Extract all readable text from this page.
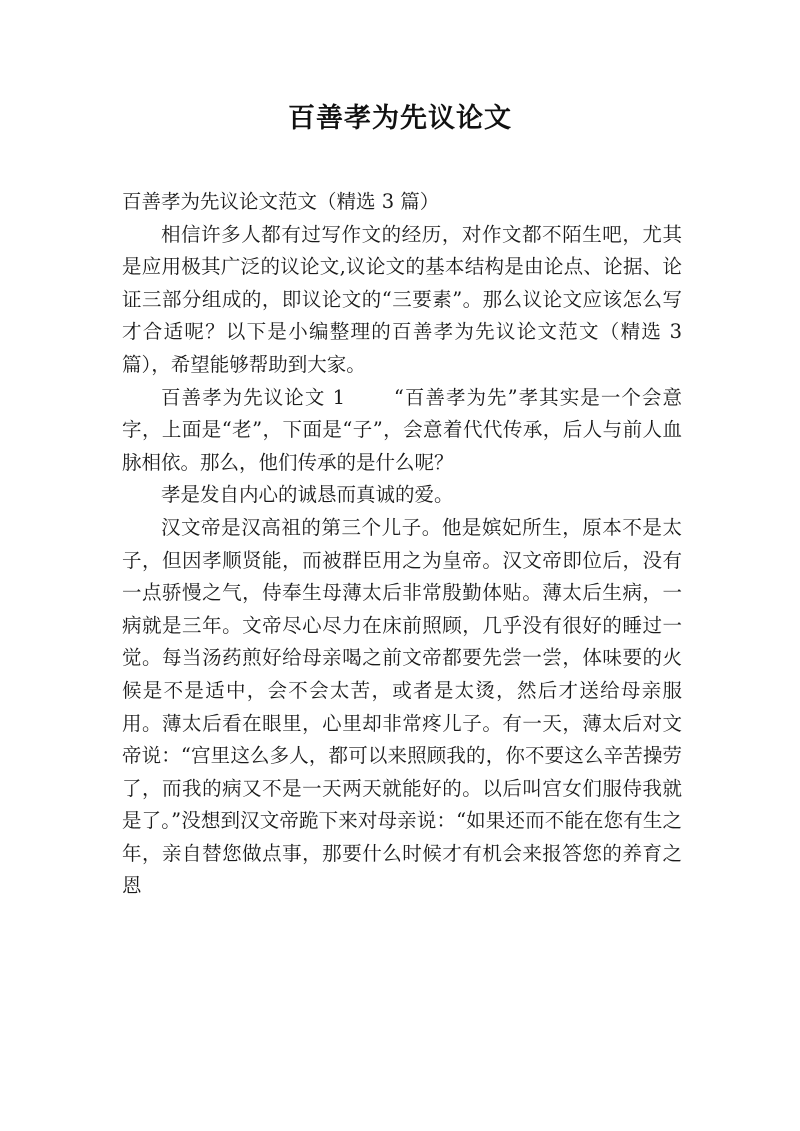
百善孝为先议论文

百善孝为先议论文范文（精选 3 篇）

相信许多人都有过写作文的经历，对作文都不陌生吧，尤其是应用极其广泛的议论文,议论文的基本结构是由论点、论据、论证三部分组成的，即议论文的“三要素”。那么议论文应该怎么写才合适呢？以下是小编整理的百善孝为先议论文范文（精选 3 篇），希望能够帮助到大家。

百善孝为先议论文 1	“百善孝为先”孝其实是一个会意字，上面是“老”，下面是“子”，会意着代代传承，后人与前人血脉相依。那么，他们传承的是什么呢？

孝是发自内心的诚恳而真诚的爱。

汉文帝是汉高祖的第三个儿子。他是嫔妃所生，原本不是太子，但因孝顺贤能，而被群臣用之为皇帝。汉文帝即位后，没有一点骄慢之气，侍奉生母薄太后非常殷勤体贴。薄太后生病，一病就是三年。文帝尽心尽力在床前照顾，几乎没有很好的睡过一觉。每当汤药煎好给母亲喝之前文帝都要先尝一尝，体味要的火候是不是适中，会不会太苦，或者是太烫，然后才送给母亲服用。薄太后看在眼里，心里却非常疼儿子。有一天，薄太后对文帝说：“宫里这么多人，都可以来照顾我的，你不要这么辛苦操劳了，而我的病又不是一天两天就能好的。以后叫宫女们服侍我就是了。”没想到汉文帝跪下来对母亲说：“如果还而不能在您有生之年，亲自替您做点事，那要什么时候才有机会来报答您的养育之恩
